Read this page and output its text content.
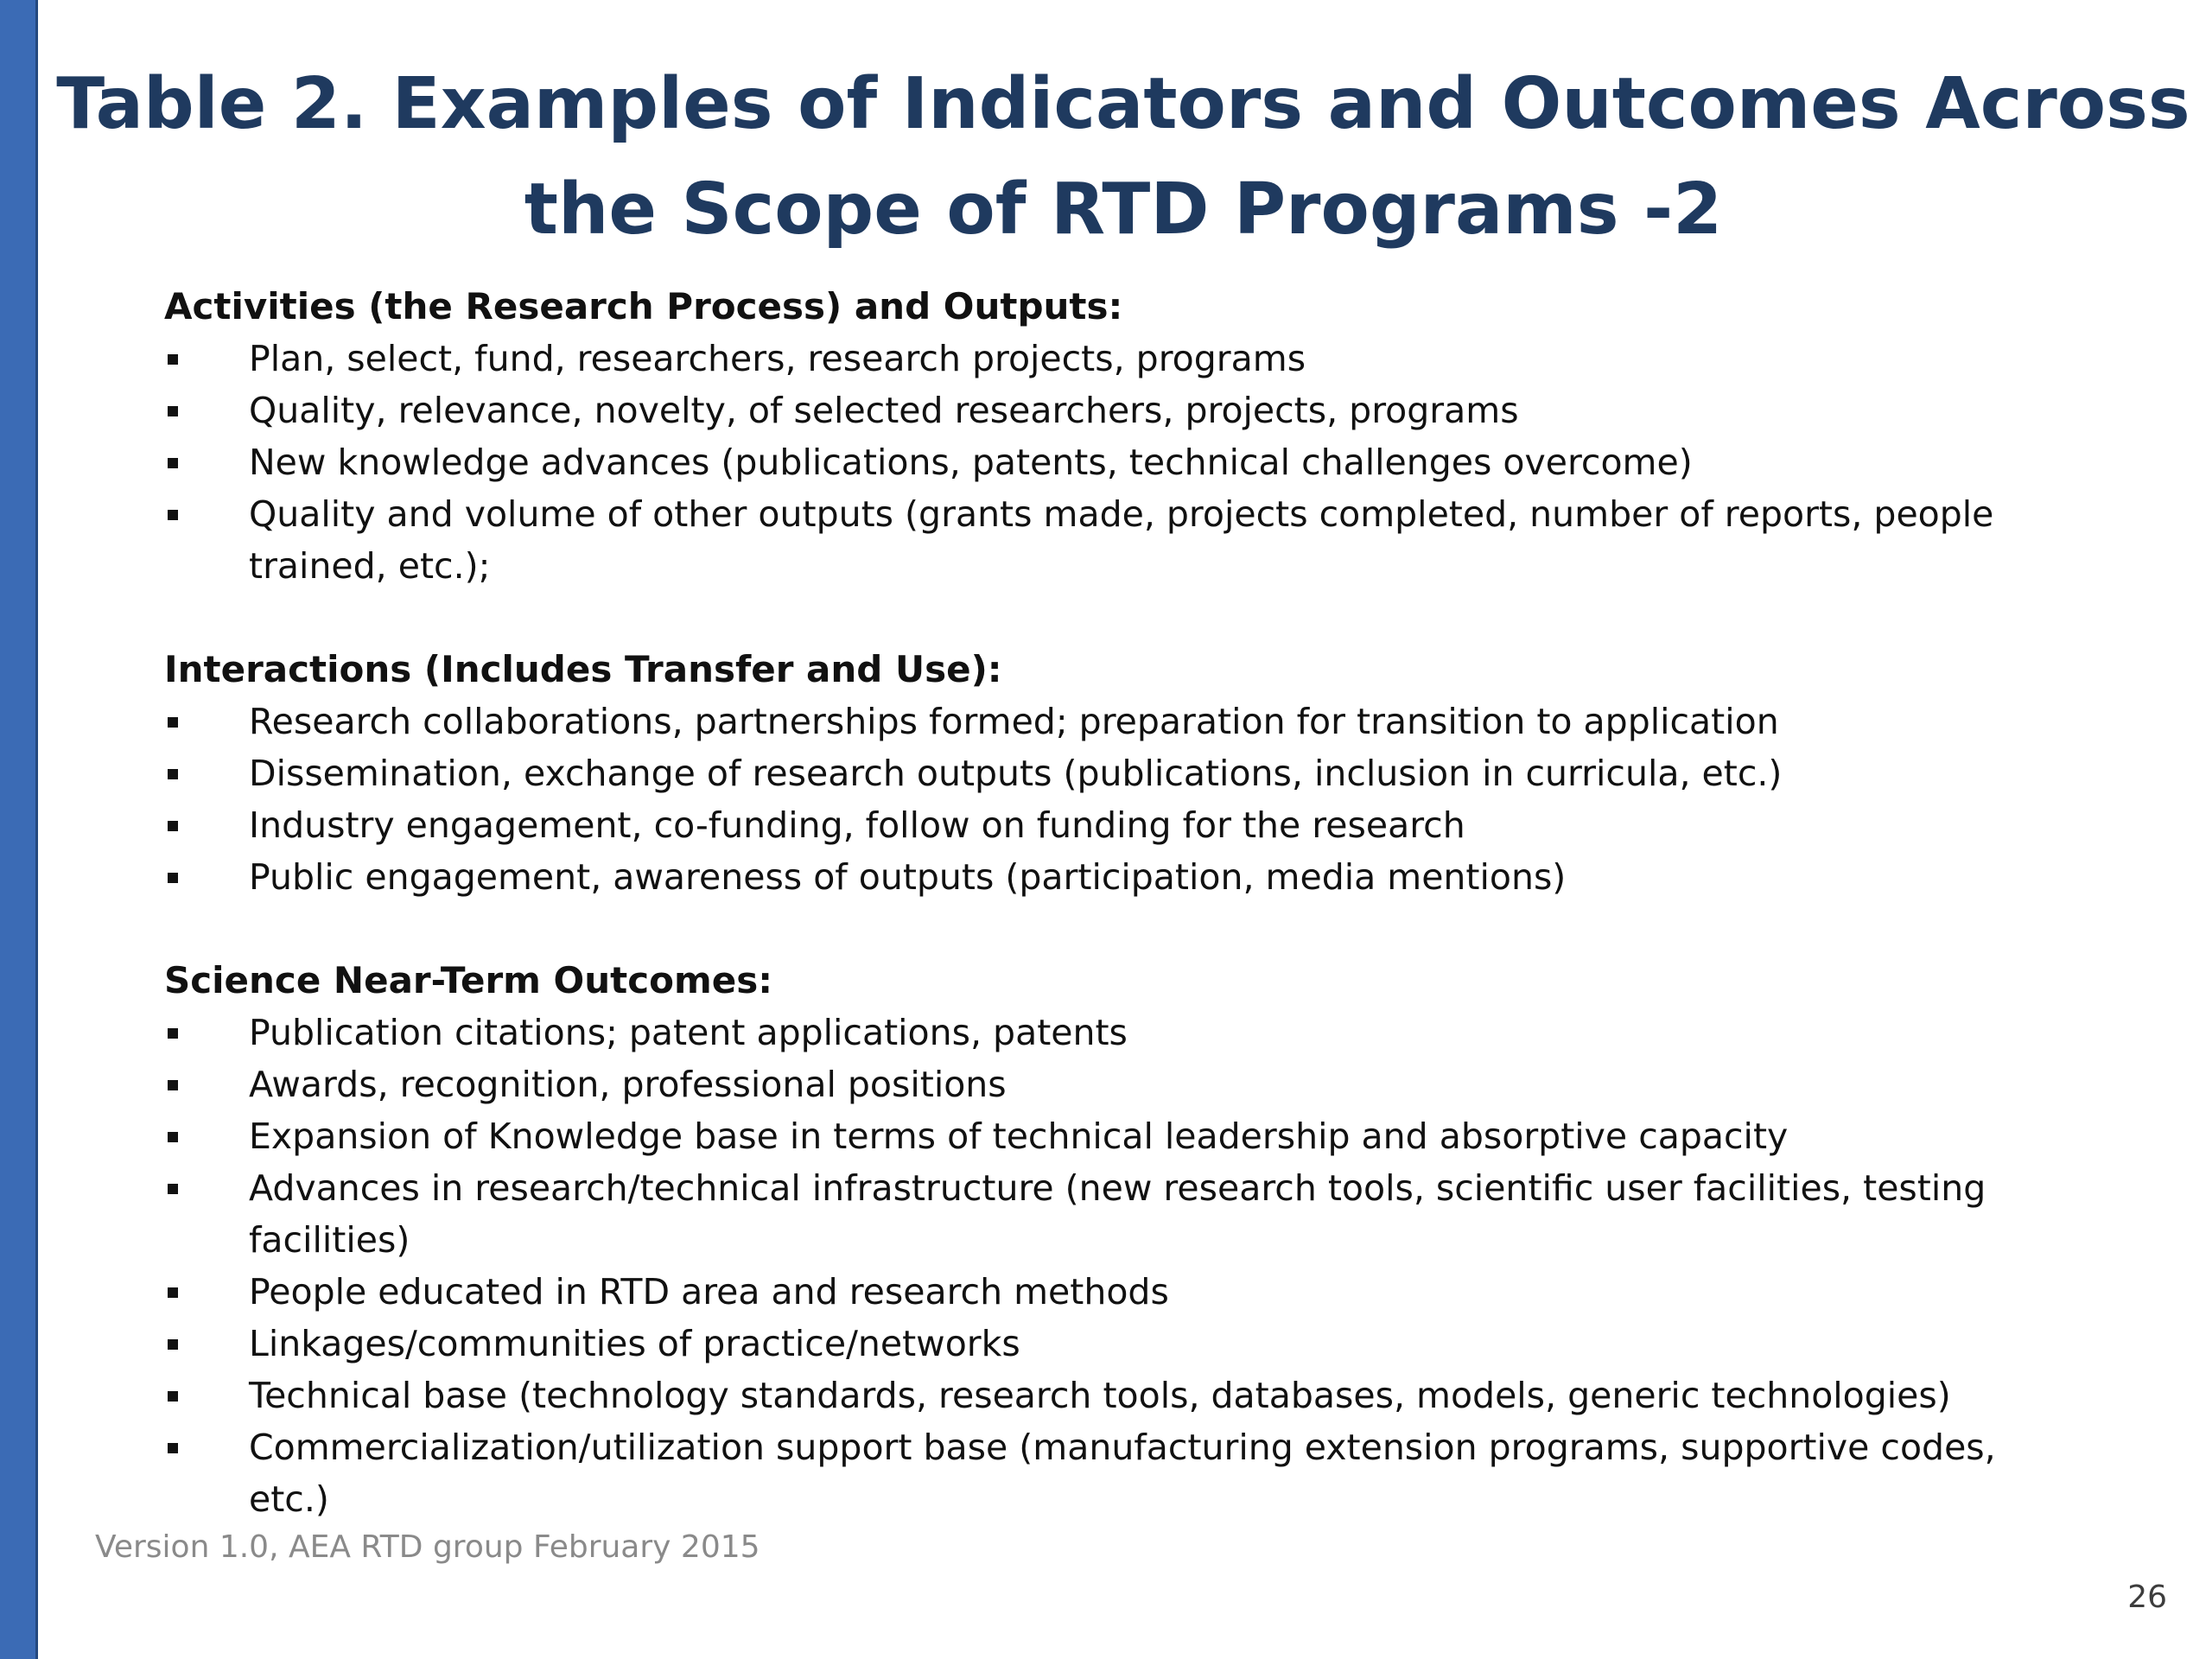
Table 2. Examples of Indicators and Outcomes Across
the Scope of RTD Programs -2

Activities (the Research Process) and Outputs:

Plan, select, fund, researchers, research projects, programs
Quality, relevance, novelty, of selected researchers, projects, programs
New knowledge advances (publications, patents, technical challenges overcome)
Quality and volume of other outputs (grants made, projects completed, number of reports, people trained, etc.);

Interactions (Includes Transfer and Use):

Research collaborations, partnerships formed; preparation for transition to application
Dissemination, exchange of research outputs (publications, inclusion in curricula, etc.)
Industry engagement, co-funding, follow on funding for the research
Public engagement, awareness of outputs (participation, media mentions)

Science Near-Term Outcomes:

Publication citations; patent applications, patents
Awards, recognition, professional positions
Expansion of Knowledge base in terms of technical leadership and absorptive capacity
Advances in research/technical infrastructure (new research tools, scientific user facilities, testing facilities)
People educated in RTD area and research methods
Linkages/communities of practice/networks
Technical base (technology standards, research tools, databases, models, generic technologies)
Commercialization/utilization support base (manufacturing extension programs, supportive codes, etc.)
Version 1.0, AEA RTD group February 2015
26
